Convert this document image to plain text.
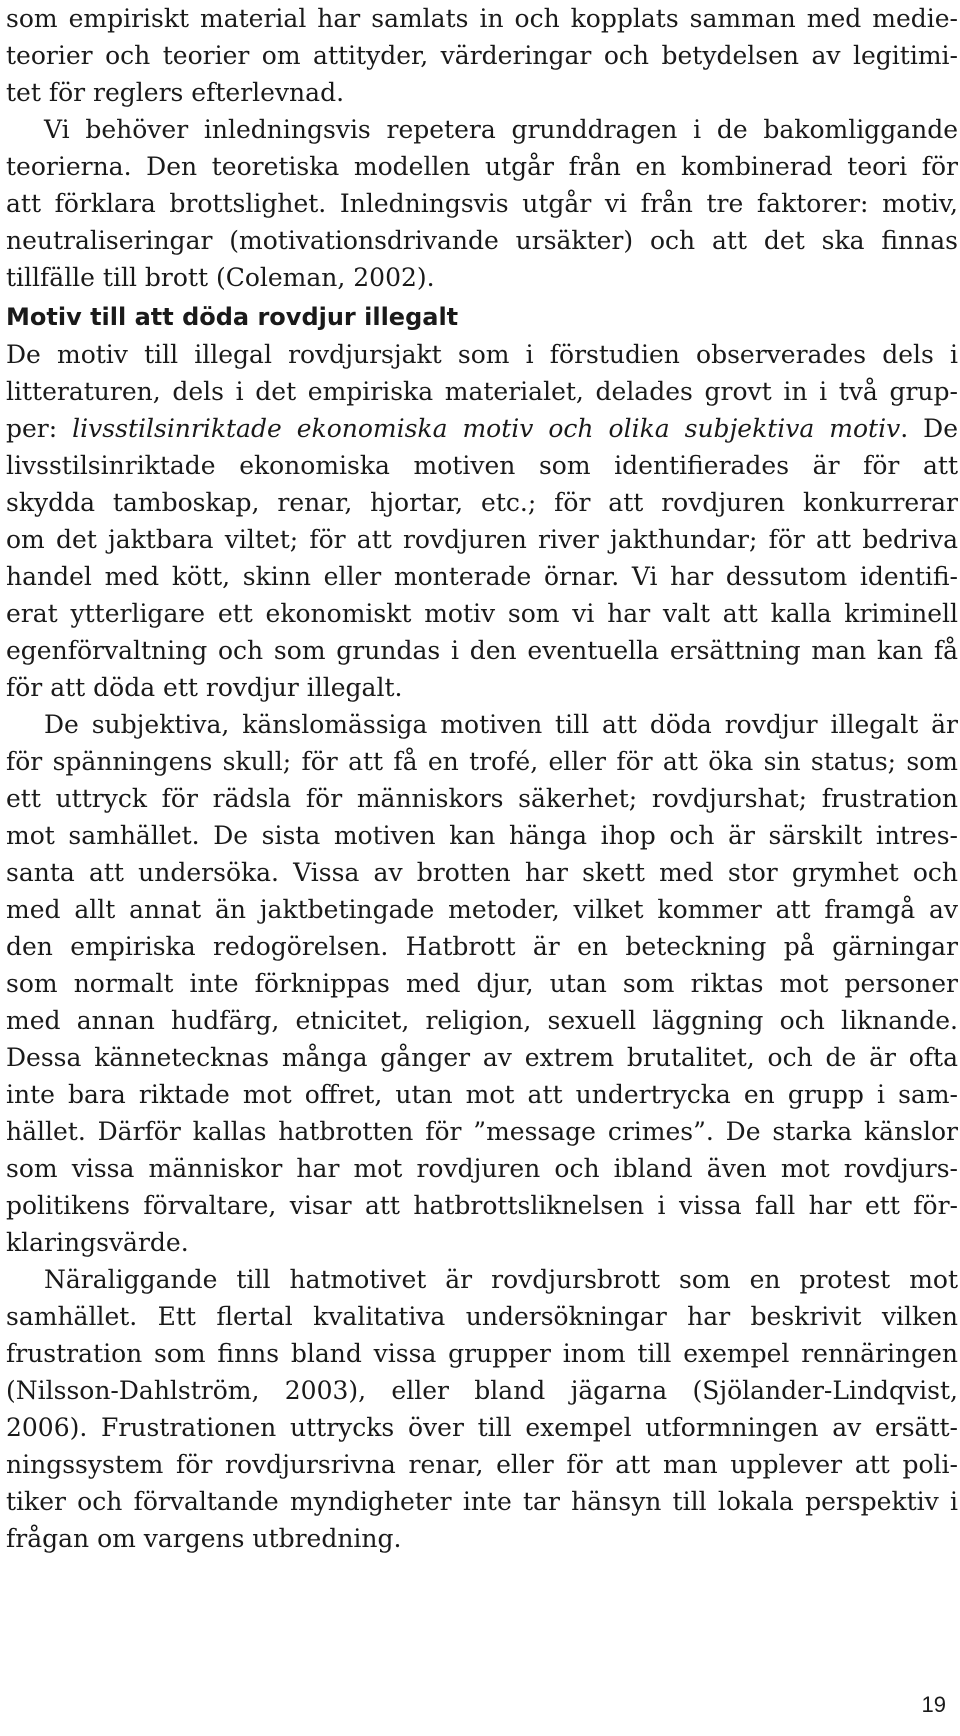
som empiriskt material har samlats in och kopplats samman med medie-
teorier och teorier om attityder, värderingar och betydelsen av legitimi-
tet för reglers efterlevnad.
Vi behöver inledningsvis repetera grunddragen i de bakomliggande
teorierna. Den teoretiska modellen utgår från en kombinerad teori för
att förklara brottslighet. Inledningsvis utgår vi från tre faktorer: motiv,
neutraliseringar (motivationsdrivande ursäkter) och att det ska finnas
tillfälle till brott (Coleman, 2002).
Motiv till att döda rovdjur illegalt
De motiv till illegal rovdjursjakt som i förstudien observerades dels i
litteraturen, dels i det empiriska materialet, delades grovt in i två grup-
per: livsstilsinriktade ekonomiska motiv och olika subjektiva motiv. De
livsstilsinriktade ekonomiska motiven som identifierades är för att
skydda tamboskap, renar, hjortar, etc.; för att rovdjuren konkurrerar
om det jaktbara viltet; för att rovdjuren river jakthundar; för att bedriva
handel med kött, skinn eller monterade örnar. Vi har dessutom identifi-
erat ytterligare ett ekonomiskt motiv som vi har valt att kalla kriminell
egenförvaltning och som grundas i den eventuella ersättning man kan få
för att döda ett rovdjur illegalt.
De subjektiva, känslomässiga motiven till att döda rovdjur illegalt är
för spänningens skull; för att få en trofé, eller för att öka sin status; som
ett uttryck för rädsla för människors säkerhet; rovdjurshat; frustration
mot samhället. De sista motiven kan hänga ihop och är särskilt intres-
santa att undersöka. Vissa av brotten har skett med stor grymhet och
med allt annat än jaktbetingade metoder, vilket kommer att framgå av
den empiriska redogörelsen. Hatbrott är en beteckning på gärningar
som normalt inte förknippas med djur, utan som riktas mot personer
med annan hudfärg, etnicitet, religion, sexuell läggning och liknande.
Dessa kännetecknas många gånger av extrem brutalitet, och de är ofta
inte bara riktade mot offret, utan mot att undertrycka en grupp i sam-
hället. Därför kallas hatbrotten för ”message crimes”. De starka känslor
som vissa människor har mot rovdjuren och ibland även mot rovdjurs-
politikens förvaltare, visar att hatbrottsliknelsen i vissa fall har ett för-
klaringsvärde.
Näraliggande till hatmotivet är rovdjursbrott som en protest mot
samhället. Ett flertal kvalitativa undersökningar har beskrivit vilken
frustration som finns bland vissa grupper inom till exempel rennäringen
(Nilsson-Dahlström, 2003), eller bland jägarna (Sjölander-Lindqvist,
2006). Frustrationen uttrycks över till exempel utformningen av ersätt-
ningssystem för rovdjursrivna renar, eller för att man upplever att poli-
tiker och förvaltande myndigheter inte tar hänsyn till lokala perspektiv i
frågan om vargens utbredning.
19
